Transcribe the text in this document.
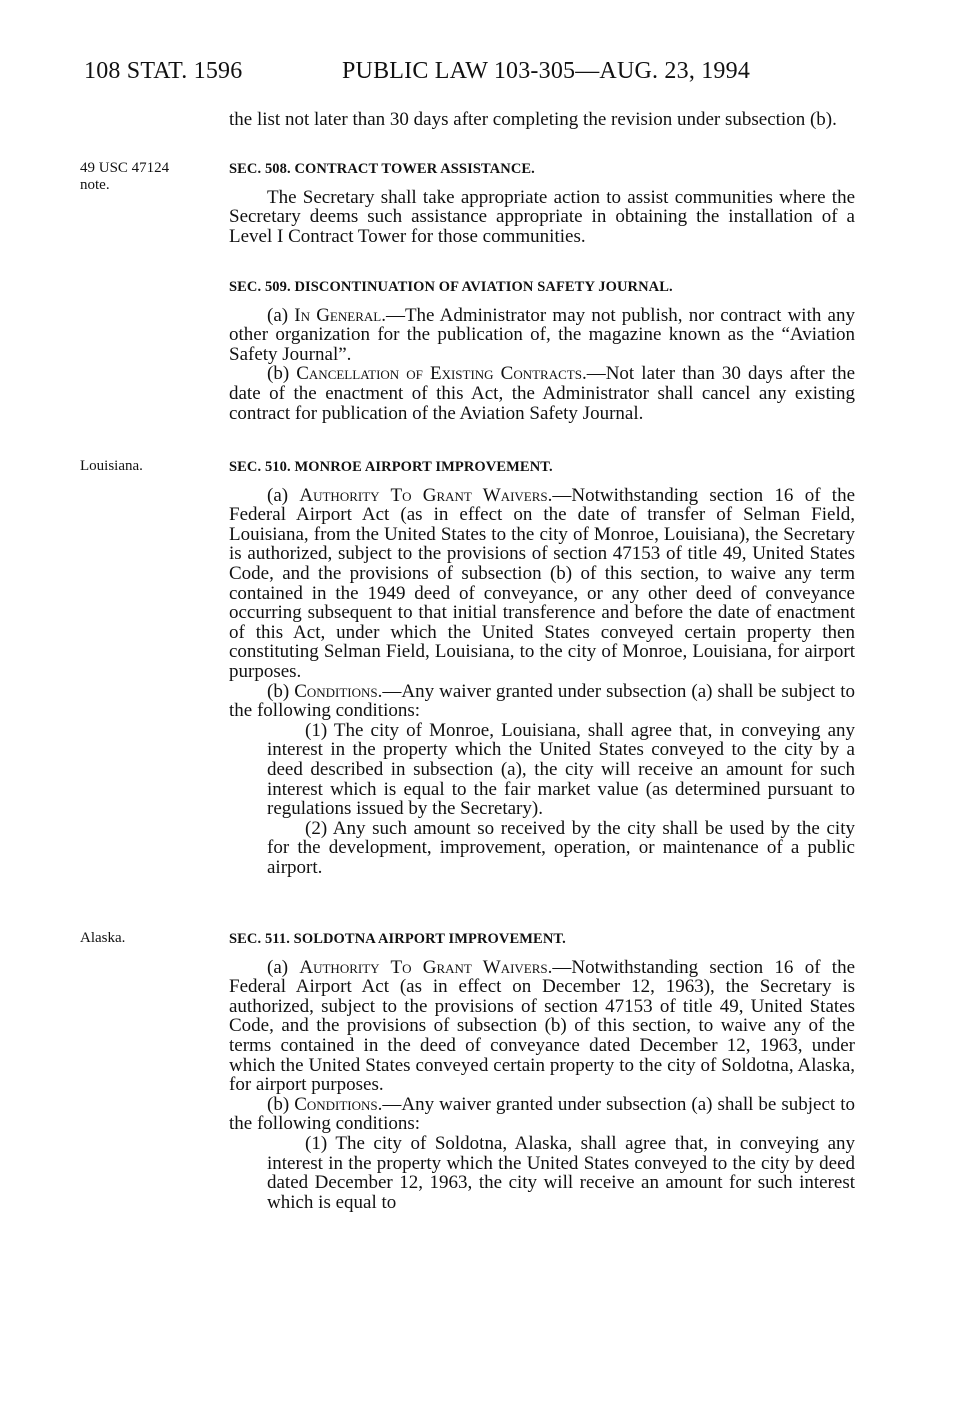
108 STAT. 1596	PUBLIC LAW 103-305—AUG. 23, 1994
49 USC 47124
note.
Louisiana.
Alaska.

the list not later than 30 days after completing the revision under subsection (b).

SEC. 508. CONTRACT TOWER ASSISTANCE.

The Secretary shall take appropriate action to assist communities where the Secretary deems such assistance appropriate in obtaining the installation of a Level I Contract Tower for those communities.

SEC. 509. DISCONTINUATION OF AVIATION SAFETY JOURNAL.

(a) In General.—The Administrator may not publish, nor contract with any other organization for the publication of, the magazine known as the “Aviation Safety Journal”.

(b) Cancellation of Existing Contracts.—Not later than 30 days after the date of the enactment of this Act, the Administrator shall cancel any existing contract for publication of the Aviation Safety Journal.

SEC. 510. MONROE AIRPORT IMPROVEMENT.

(a) Authority To Grant Waivers.—Notwithstanding section 16 of the Federal Airport Act (as in effect on the date of transfer of Selman Field, Louisiana, from the United States to the city of Monroe, Louisiana), the Secretary is authorized, subject to the provisions of section 47153 of title 49, United States Code, and the provisions of subsection (b) of this section, to waive any term contained in the 1949 deed of conveyance, or any other deed of conveyance occurring subsequent to that initial transference and before the date of enactment of this Act, under which the United States conveyed certain property then constituting Selman Field, Louisiana, to the city of Monroe, Louisiana, for airport purposes.

(b) Conditions.—Any waiver granted under subsection (a) shall be subject to the following conditions:

(1) The city of Monroe, Louisiana, shall agree that, in conveying any interest in the property which the United States conveyed to the city by a deed described in subsection (a), the city will receive an amount for such interest which is equal to the fair market value (as determined pursuant to regulations issued by the Secretary).

(2) Any such amount so received by the city shall be used by the city for the development, improvement, operation, or maintenance of a public airport.

SEC. 511. SOLDOTNA AIRPORT IMPROVEMENT.

(a) Authority To Grant Waivers.—Notwithstanding section 16 of the Federal Airport Act (as in effect on December 12, 1963), the Secretary is authorized, subject to the provisions of section 47153 of title 49, United States Code, and the provisions of subsection (b) of this section, to waive any of the terms contained in the deed of conveyance dated December 12, 1963, under which the United States conveyed certain property to the city of Soldotna, Alaska, for airport purposes.

(b) Conditions.—Any waiver granted under subsection (a) shall be subject to the following conditions:

(1) The city of Soldotna, Alaska, shall agree that, in conveying any interest in the property which the United States conveyed to the city by deed dated December 12, 1963, the city will receive an amount for such interest which is equal to
